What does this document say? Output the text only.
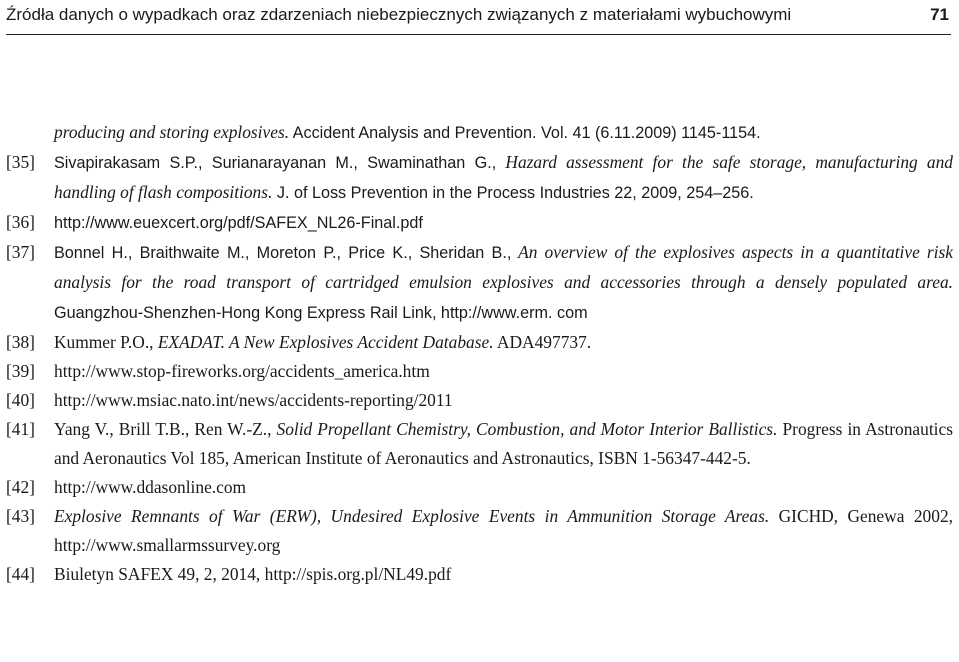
Źródła danych o wypadkach oraz zdarzeniach niebezpiecznych związanych z materiałami wybuchowymi	71
producing and storing explosives. Accident Analysis and Prevention. Vol. 41 (6.11.2009) 1145-1154.
[35] Sivapirakasam S.P., Surianarayanan M., Swaminathan G., Hazard assessment for the safe storage, manufacturing and handling of flash compositions. J. of Loss Prevention in the Process Industries 22, 2009, 254–256.
[36] http://www.euexcert.org/pdf/SAFEX_NL26-Final.pdf
[37] Bonnel H., Braithwaite M., Moreton P., Price K., Sheridan B., An overview of the explosives aspects in a quantitative risk analysis for the road transport of cartridged emulsion explosives and accessories through a densely populated area. Guangzhou-Shenzhen-Hong Kong Express Rail Link, http://www.erm. com
[38] Kummer P.O., EXADAT. A New Explosives Accident Database. ADA497737.
[39] http://www.stop-fireworks.org/accidents_america.htm
[40] http://www.msiac.nato.int/news/accidents-reporting/2011
[41] Yang V., Brill T.B., Ren W.-Z., Solid Propellant Chemistry, Combustion, and Motor Interior Ballistics. Progress in Astronautics and Aeronautics Vol 185, American Institute of Aeronautics and Astronautics, ISBN 1-56347-442-5.
[42] http://www.ddasonline.com
[43] Explosive Remnants of War (ERW), Undesired Explosive Events in Ammunition Storage Areas. GICHD, Genewa 2002, http://www.smallarmssurvey.org
[44] Biuletyn SAFEX 49, 2, 2014, http://spis.org.pl/NL49.pdf
